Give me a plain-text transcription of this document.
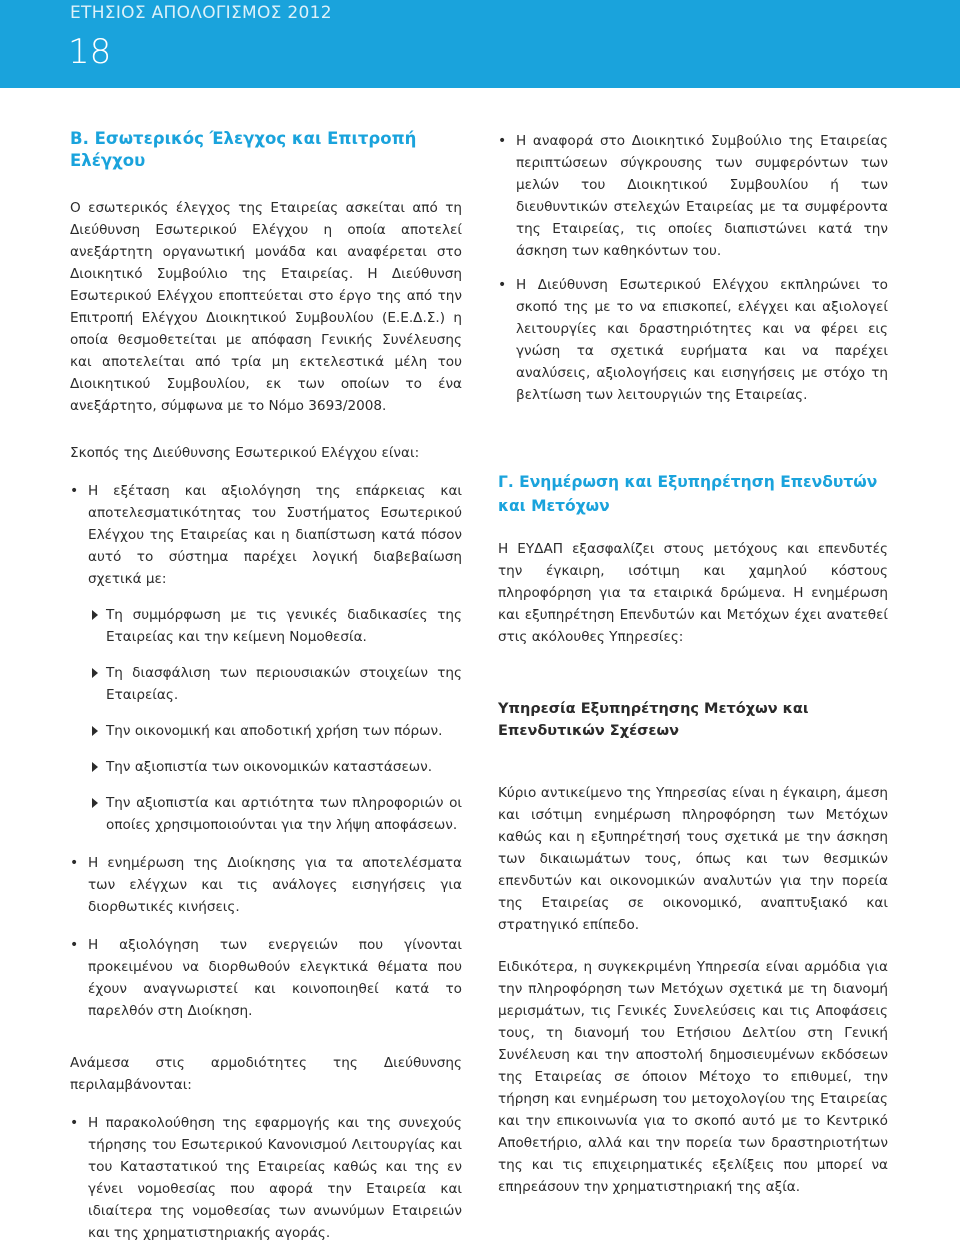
ΕΤΗΣΙΟΣ ΑΠΟΛΟΓΙΣΜΟΣ 2012
18
Β. Εσωτερικός Έλεγχος και Επιτροπή Ελέγχου

Ο εσωτερικός έλεγχος της Εταιρείας ασκείται από τη Διεύθυνση Εσωτερικού Ελέγχου η οποία αποτελεί ανεξάρτητη οργανωτική μονάδα και αναφέρεται στο Διοικητικό Συμβούλιο της Εταιρείας. Η Διεύθυνση Εσωτερικού Ελέγχου εποπτεύεται στο έργο της από την Επιτροπή Ελέγχου Διοικητικού Συμβουλίου (Ε.Ε.Δ.Σ.) η οποία θεσμοθετείται με απόφαση Γενικής Συνέλευσης και αποτελείται από τρία μη εκτελεστικά μέλη του Διοικητικού Συμβουλίου, εκ των οποίων το ένα ανεξάρτητο, σύμφωνα με το Νόμο 3693/2008.

• Η αναφορά στο Διοικητικό Συμβούλιο της Εταιρείας περιπτώσεων σύγκρουσης των συμφερόντων των μελών του Διοικητικού Συμβουλίου ή των διευθυντικών στελεχών Εταιρείας με τα συμφέροντα της Εταιρείας, τις οποίες διαπιστώνει κατά την άσκηση των καθηκόντων του.

• Η Διεύθυνση Εσωτερικού Ελέγχου εκπληρώνει το σκοπό της με το να επισκοπεί, ελέγχει και αξιολογεί λειτουργίες και δραστηριότητες και να φέρει εις γνώση τα σχετικά ευρήματα και να παρέχει αναλύσεις, αξιολογήσεις και εισηγήσεις με στόχο τη βελτίωση των λειτουργιών της Εταιρείας.

Σκοπός της Διεύθυνσης Εσωτερικού Ελέγχου είναι:

• Η εξέταση και αξιολόγηση της επάρκειας και αποτελεσματικότητας του Συστήματος Εσωτερικού Ελέγχου της Εταιρείας και η διαπίστωση κατά πόσον αυτό το σύστημα παρέχει λογική διαβεβαίωση σχετικά με:

Τη συμμόρφωση με τις γενικές διαδικασίες της Εταιρείας και την κείμενη Νομοθεσία.

Τη διασφάλιση των περιουσιακών στοιχείων της Εταιρείας.

Την οικονομική και αποδοτική χρήση των πόρων.

Την αξιοπιστία των οικονομικών καταστάσεων.

Την αξιοπιστία και αρτιότητα των πληροφοριών οι οποίες χρησιμοποιούνται για την λήψη αποφάσεων.

• Η ενημέρωση της Διοίκησης για τα αποτελέσματα των ελέγχων και τις ανάλογες εισηγήσεις για διορθωτικές κινήσεις.

• Η αξιολόγηση των ενεργειών που γίνονται προκειμένου να διορθωθούν ελεγκτικά θέματα που έχουν αναγνωριστεί και κοινοποιηθεί κατά το παρελθόν στη Διοίκηση.

Ανάμεσα στις αρμοδιότητες της Διεύθυνσης περιλαμβάνονται:

• Η παρακολούθηση της εφαρμογής και της συνεχούς τήρησης του Εσωτερικού Κανονισμού Λειτουργίας και του Καταστατικού της Εταιρείας καθώς και της εν γένει νομοθεσίας που αφορά την Εταιρεία και ιδιαίτερα της νομοθεσίας των ανωνύμων Εταιρειών και της χρηματιστηριακής αγοράς.

Γ. Ενημέρωση και Εξυπηρέτηση Επενδυτών και Μετόχων

Η ΕΥΔΑΠ εξασφαλίζει στους μετόχους και επενδυτές την έγκαιρη, ισότιμη και χαμηλού κόστους πληροφόρηση για τα εταιρικά δρώμενα. Η ενημέρωση και εξυπηρέτηση Επενδυτών και Μετόχων έχει ανατεθεί στις ακόλουθες Υπηρεσίες:

Υπηρεσία Εξυπηρέτησης Μετόχων και Επενδυτικών Σχέσεων

Κύριο αντικείμενο της Υπηρεσίας είναι η έγκαιρη, άμεση και ισότιμη ενημέρωση πληροφόρηση των Μετόχων καθώς και η εξυπηρέτησή τους σχετικά με την άσκηση των δικαιωμάτων τους, όπως και των θεσμικών επενδυτών και οικονομικών αναλυτών για την πορεία της Εταιρείας σε οικονομικό, αναπτυξιακό και στρατηγικό επίπεδο.

Ειδικότερα, η συγκεκριμένη Υπηρεσία είναι αρμόδια για την πληροφόρηση των Μετόχων σχετικά με τη διανομή μερισμάτων, τις Γενικές Συνελεύσεις και τις Αποφάσεις τους, τη διανομή του Ετήσιου Δελτίου στη Γενική Συνέλευση και την αποστολή δημοσιευμένων εκδόσεων της Εταιρείας σε όποιον Μέτοχο το επιθυμεί, την τήρηση και ενημέρωση του μετοχολογίου της Εταιρείας και την επικοινωνία για το σκοπό αυτό με το Κεντρικό Αποθετήριο, αλλά και την πορεία των δραστηριοτήτων της και τις επιχειρηματικές εξελίξεις που μπορεί να επηρεάσουν την χρηματιστηριακή της αξία.
